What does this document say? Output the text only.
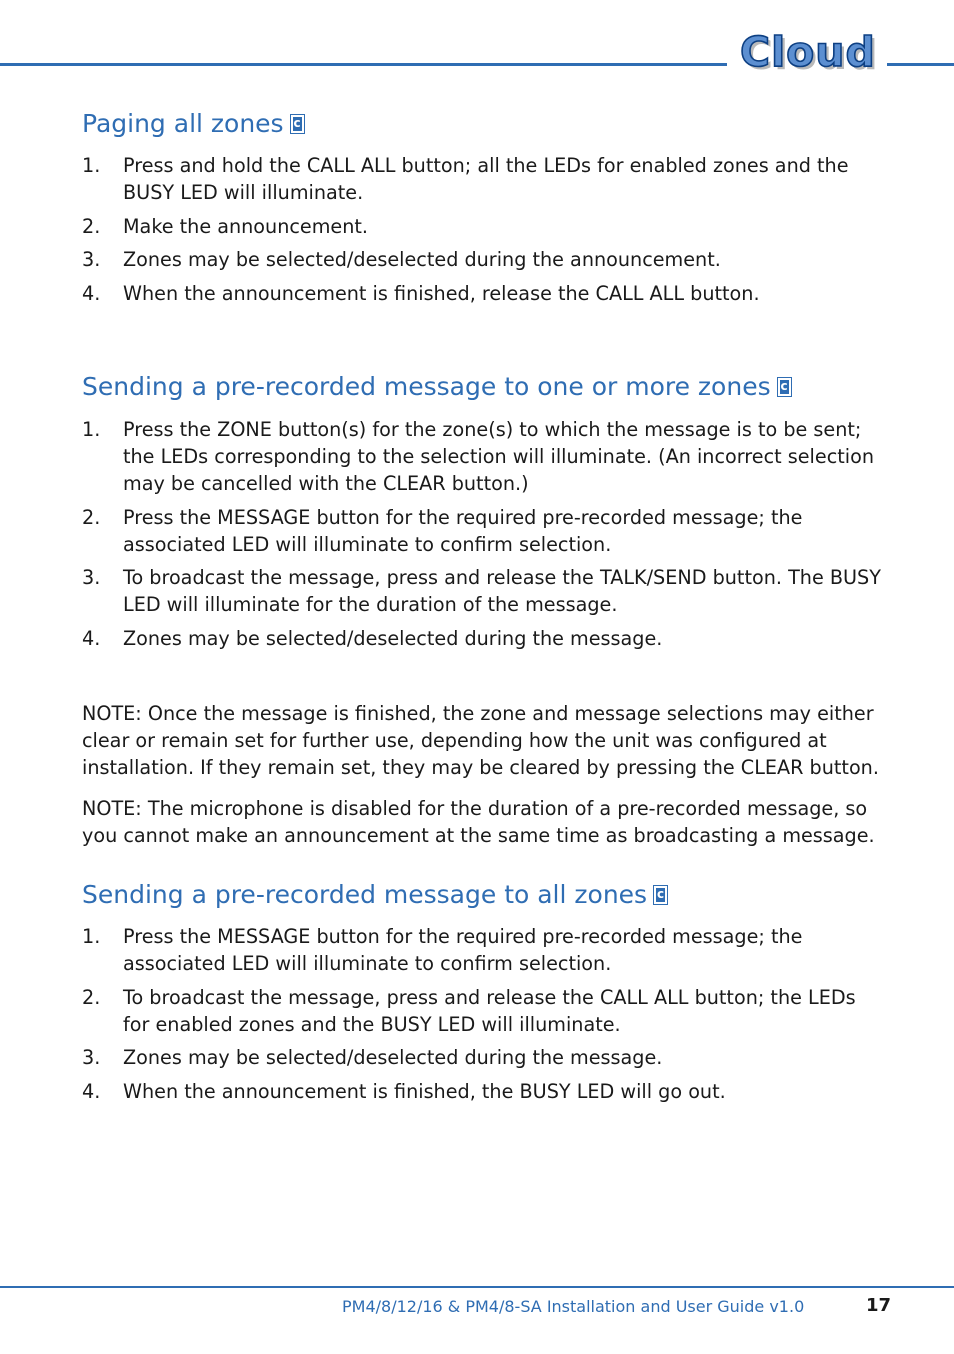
Cloud
Paging all zonesc
1. Press and hold the CALL ALL button; all the LEDs for enabled zones and the BUSY LED will illuminate.
2. Make the announcement.
3. Zones may be selected/deselected during the announcement.
4. When the announcement is finished, release the CALL ALL button.
Sending a pre-recorded message to one or more zonesc
1. Press the ZONE button(s) for the zone(s) to which the message is to be sent; the LEDs corresponding to the selection will illuminate. (An incorrect selection may be cancelled with the CLEAR button.)
2. Press the MESSAGE button for the required pre-recorded message; the associated LED will illuminate to confirm selection.
3. To broadcast the message, press and release the TALK/SEND button. The BUSY LED will illuminate for the duration of the message.
4. Zones may be selected/deselected during the message.

NOTE: Once the message is finished, the zone and message selections may either clear or remain set for further use, depending how the unit was configured at installation. If they remain set, they may be cleared by pressing the CLEAR button.

NOTE: The microphone is disabled for the duration of a pre-recorded message, so you cannot make an announcement at the same time as broadcasting a message.

Sending a pre-recorded message to all zonesc
1. Press the MESSAGE button for the required pre-recorded message; the associated LED will illuminate to confirm selection.
2. To broadcast the message, press and release the CALL ALL button; the LEDs for enabled zones and the BUSY LED will illuminate.
3. Zones may be selected/deselected during the message.
4. When the announcement is finished, the BUSY LED will go out.
PM4/8/12/16 & PM4/8-SA Installation and User Guide v1.0	17
